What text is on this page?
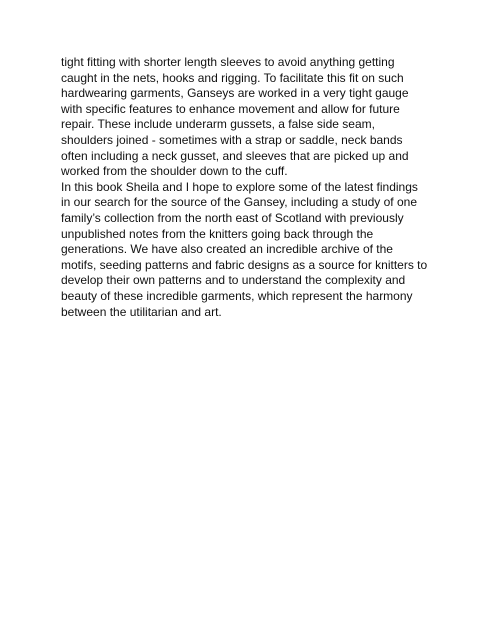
tight fitting with shorter length sleeves to avoid anything getting
caught in the nets, hooks and rigging. To facilitate this fit on such
hardwearing garments, Ganseys are worked in a very tight gauge
with specific features to enhance movement and allow for future
repair. These include underarm gussets, a false side seam,
shoulders joined - sometimes with a strap or saddle, neck bands
often including a neck gusset, and sleeves that are picked up and
worked from the shoulder down to the cuff.
In this book Sheila and I hope to explore some of the latest findings
in our search for the source of the Gansey, including a study of one
family’s collection from the north east of Scotland with previously
unpublished notes from the knitters going back through the
generations. We have also created an incredible archive of the
motifs, seeding patterns and fabric designs as a source for knitters to
develop their own patterns and to understand the complexity and
beauty of these incredible garments, which represent the harmony
between the utilitarian and art.
